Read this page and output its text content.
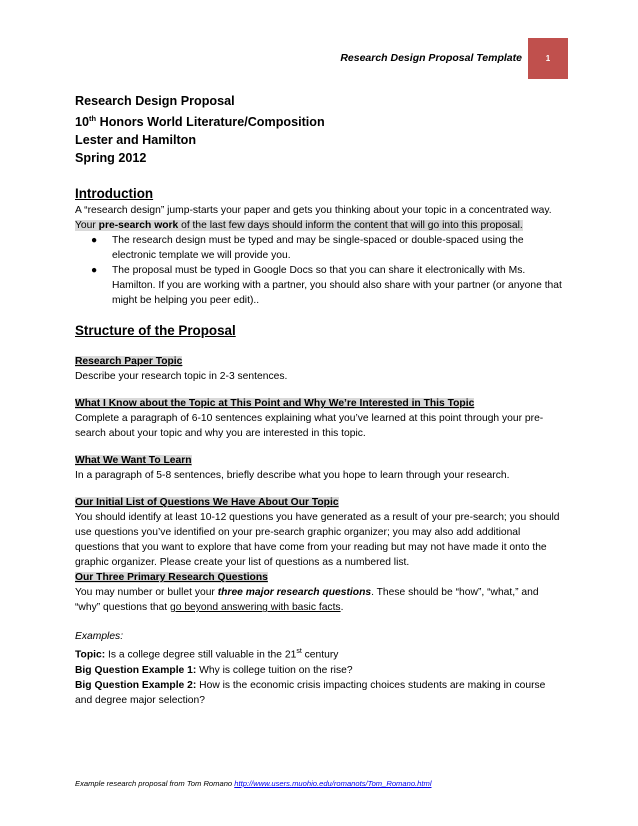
Research Design Proposal Template	1
Research Design Proposal
10th Honors World Literature/Composition
Lester and Hamilton
Spring 2012
Introduction
A “research design” jump-starts your paper and gets you thinking about your topic in a concentrated way. Your pre-search work of the last few days should inform the content that will go into this proposal.
● The research design must be typed and may be single-spaced or double-spaced using the electronic template we will provide you.
● The proposal must be typed in Google Docs so that you can share it electronically with Ms. Hamilton. If you are working with a partner, you should also share with your partner (or anyone that might be helping you peer edit)..
Structure of the Proposal
Research Paper Topic
Describe your research topic in 2-3 sentences.
What I Know about the Topic at This Point and Why We’re Interested in This Topic
Complete a paragraph of 6-10 sentences explaining what you’ve learned at this point through your pre-search about your topic and why you are interested in this topic.
What We Want To Learn
In a paragraph of 5-8 sentences, briefly describe what you hope to learn through your research.
Our Initial List of Questions We Have About Our Topic
You should identify at least 10-12 questions you have generated as a result of your pre-search; you should use questions you’ve identified on your pre-search graphic organizer; you may also add additional questions that you want to explore that have come from your reading but may not have made it onto the graphic organizer. Please create your list of questions as a numbered list.
Our Three Primary Research Questions
You may number or bullet your three major research questions. These should be “how”, “what,” and “why” questions that go beyond answering with basic facts.
Examples:
Topic: Is a college degree still valuable in the 21st century
Big Question Example 1: Why is college tuition on the rise?
Big Question Example 2: How is the economic crisis impacting choices students are making in course and degree major selection?
Example research proposal from Tom Romano http://www.users.muohio.edu/romanots/Tom_Romano.html
